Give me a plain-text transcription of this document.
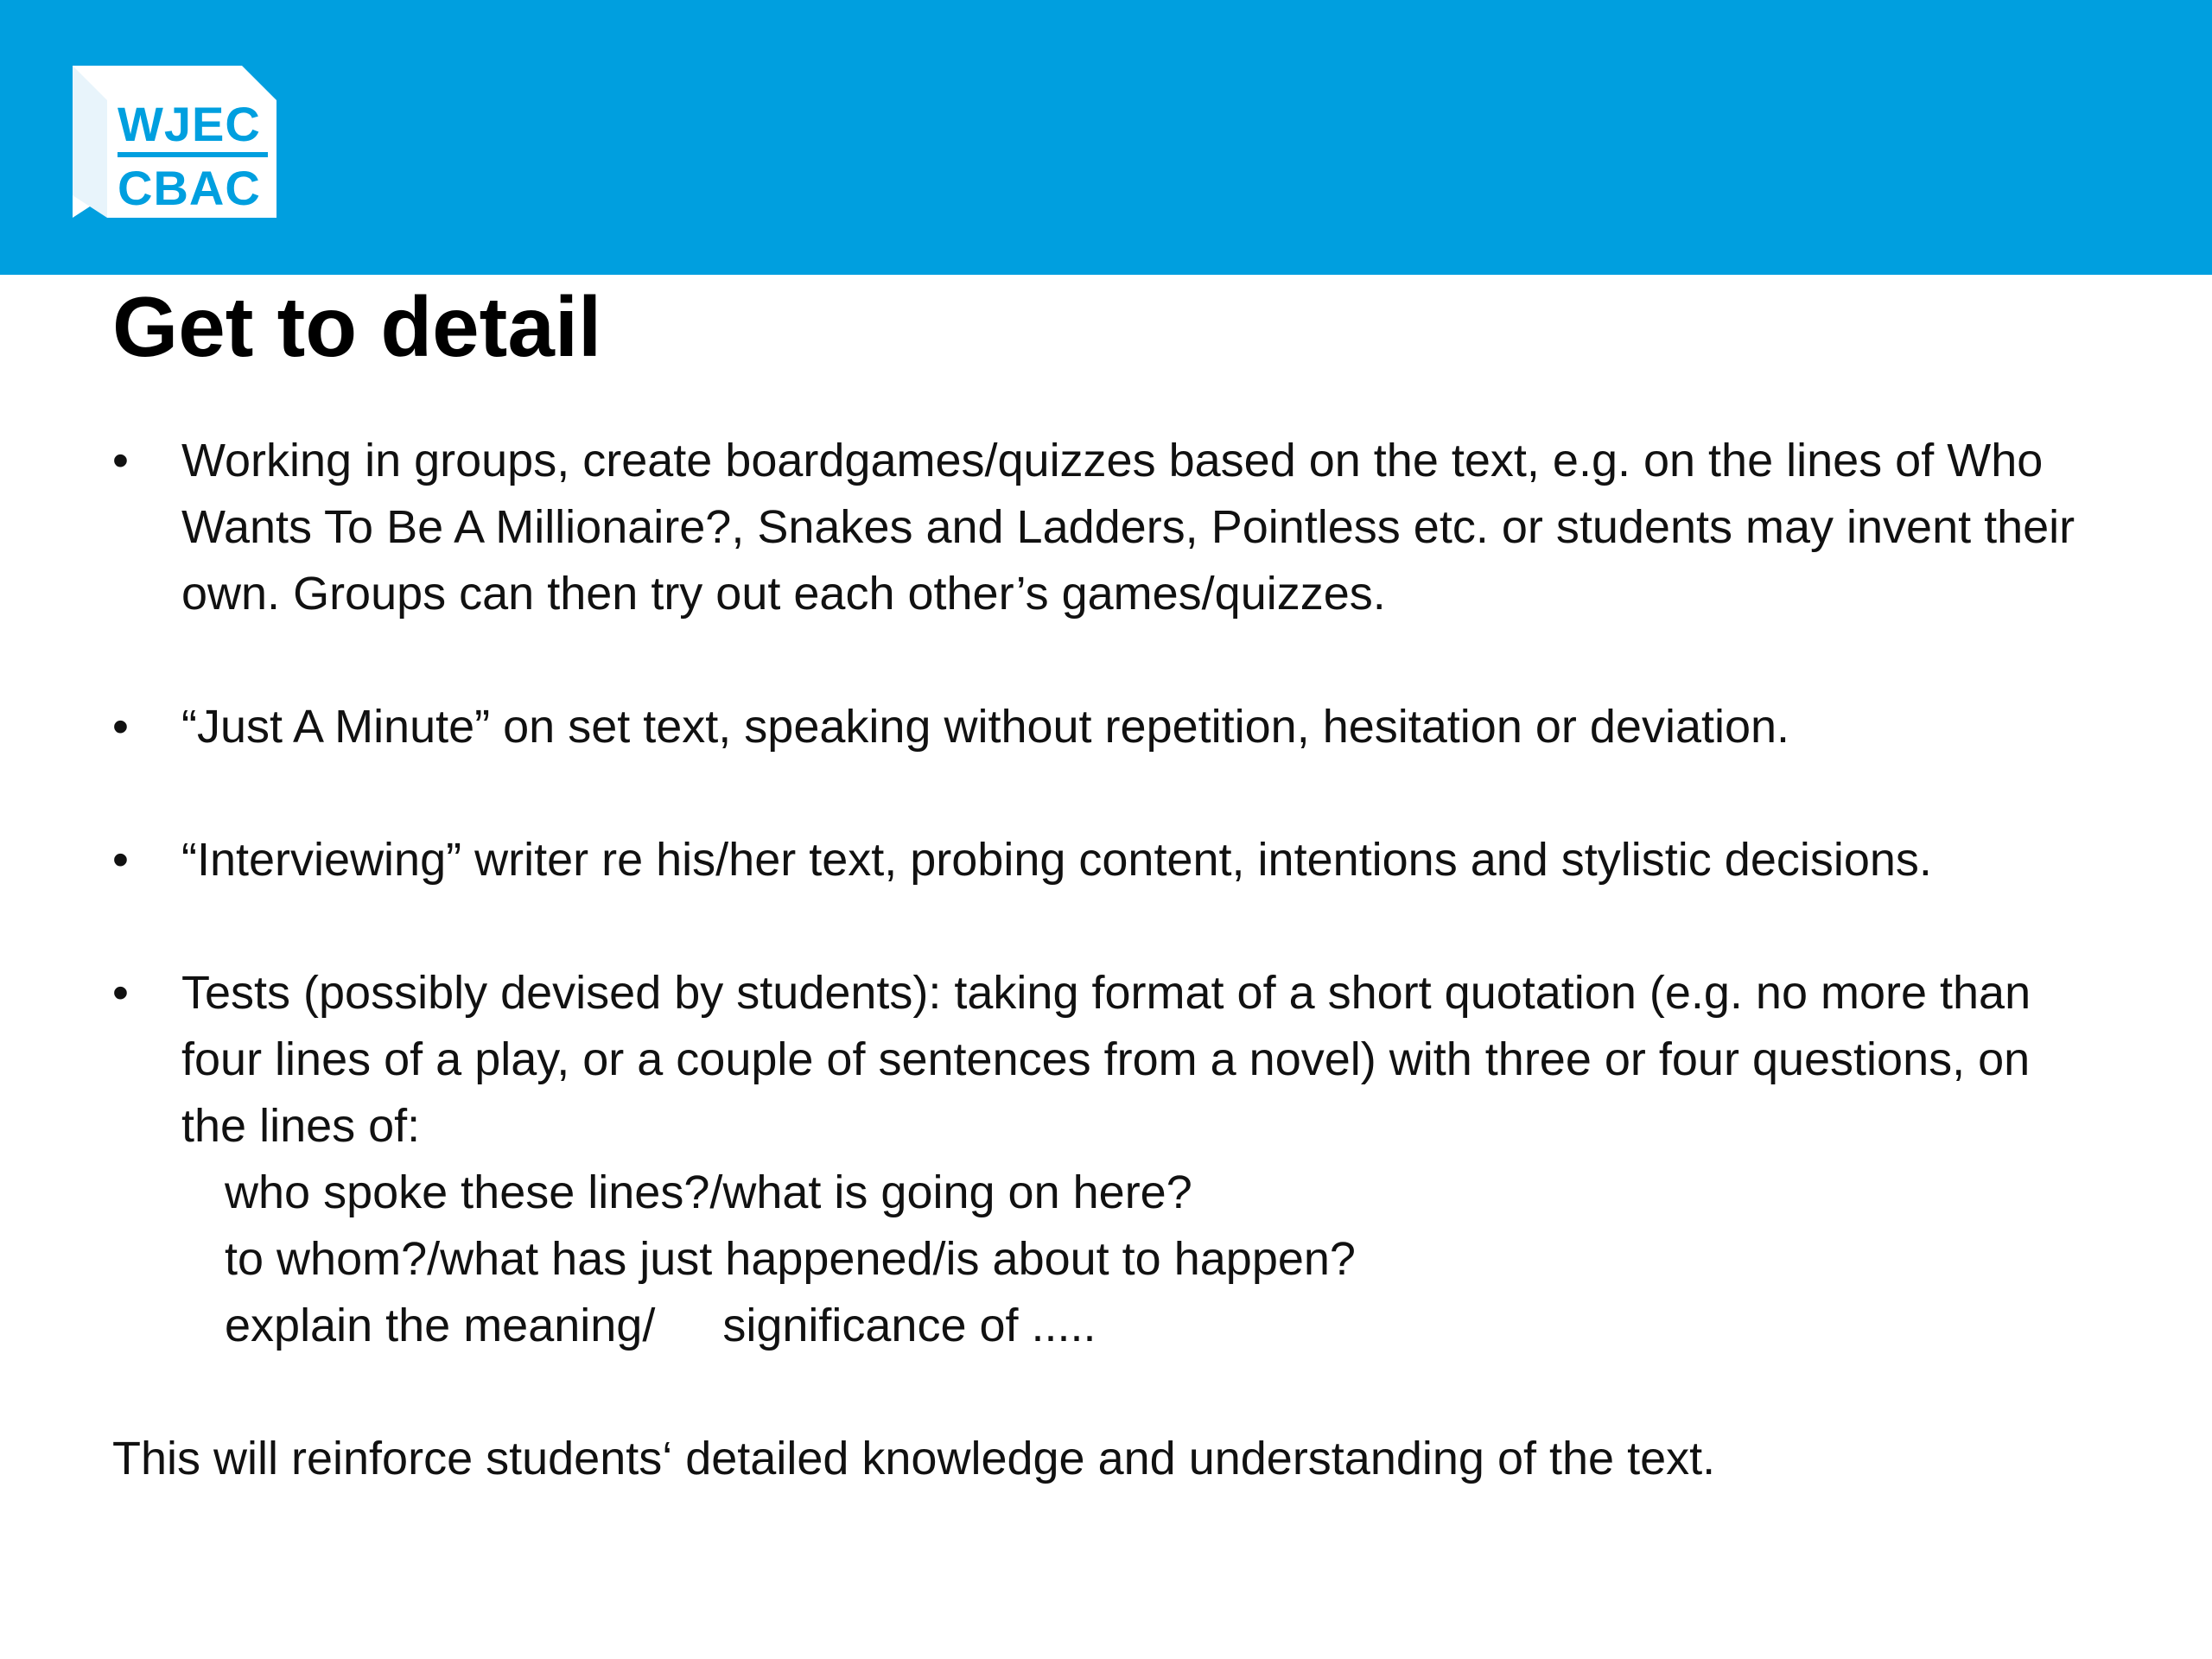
WJEC
CBAC
Get to detail
•	Working in groups, create boardgames/quizzes based on the text, e.g. on the lines of Who Wants To Be A Millionaire?, Snakes and Ladders, Pointless etc. or students may invent their own. Groups can then try out each other’s games/quizzes.
•	“Just A Minute” on set text, speaking without repetition, hesitation or deviation.
•	“Interviewing” writer re his/her text, probing content, intentions and stylistic decisions.
•	Tests (possibly devised by students): taking format of a short quotation (e.g. no more than four lines of a play, or a couple of sentences from a novel) with three or four questions, on the lines of:
who spoke these lines?/what is going on here?
to whom?/what has just happened/is about to happen?
explain the meaning/ significance of .....

This will reinforce students‘ detailed knowledge and understanding of the text.
